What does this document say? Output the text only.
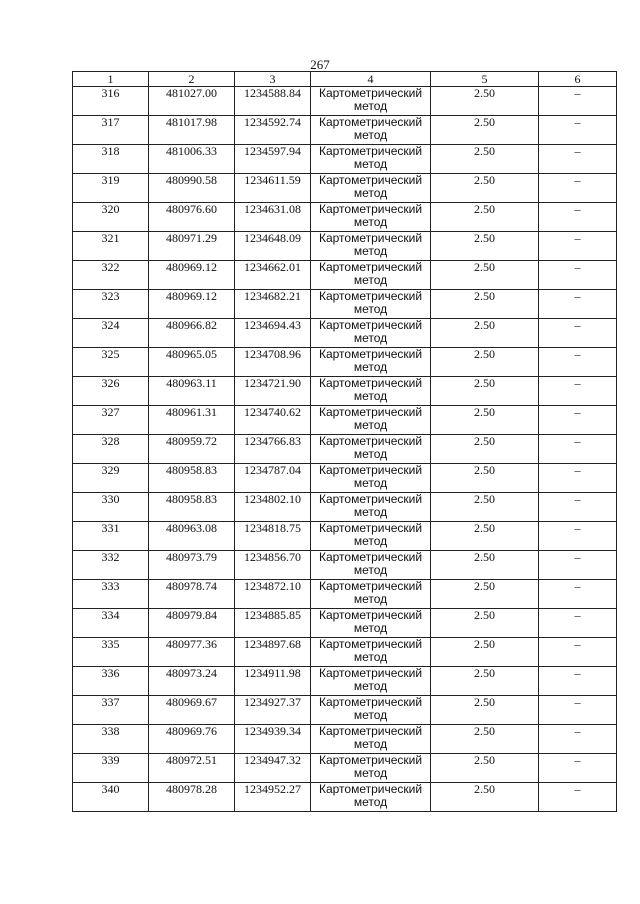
267
1	2	3	4	5	6
316	481027.00	1234588.84	Картометрический метод	2.50	–
317	481017.98	1234592.74	Картометрический метод	2.50	–
318	481006.33	1234597.94	Картометрический метод	2.50	–
319	480990.58	1234611.59	Картометрический метод	2.50	–
320	480976.60	1234631.08	Картометрический метод	2.50	–
321	480971.29	1234648.09	Картометрический метод	2.50	–
322	480969.12	1234662.01	Картометрический метод	2.50	–
323	480969.12	1234682.21	Картометрический метод	2.50	–
324	480966.82	1234694.43	Картометрический метод	2.50	–
325	480965.05	1234708.96	Картометрический метод	2.50	–
326	480963.11	1234721.90	Картометрический метод	2.50	–
327	480961.31	1234740.62	Картометрический метод	2.50	–
328	480959.72	1234766.83	Картометрический метод	2.50	–
329	480958.83	1234787.04	Картометрический метод	2.50	–
330	480958.83	1234802.10	Картометрический метод	2.50	–
331	480963.08	1234818.75	Картометрический метод	2.50	–
332	480973.79	1234856.70	Картометрический метод	2.50	–
333	480978.74	1234872.10	Картометрический метод	2.50	–
334	480979.84	1234885.85	Картометрический метод	2.50	–
335	480977.36	1234897.68	Картометрический метод	2.50	–
336	480973.24	1234911.98	Картометрический метод	2.50	–
337	480969.67	1234927.37	Картометрический метод	2.50	–
338	480969.76	1234939.34	Картометрический метод	2.50	–
339	480972.51	1234947.32	Картометрический метод	2.50	–
340	480978.28	1234952.27	Картометрический метод	2.50	–
